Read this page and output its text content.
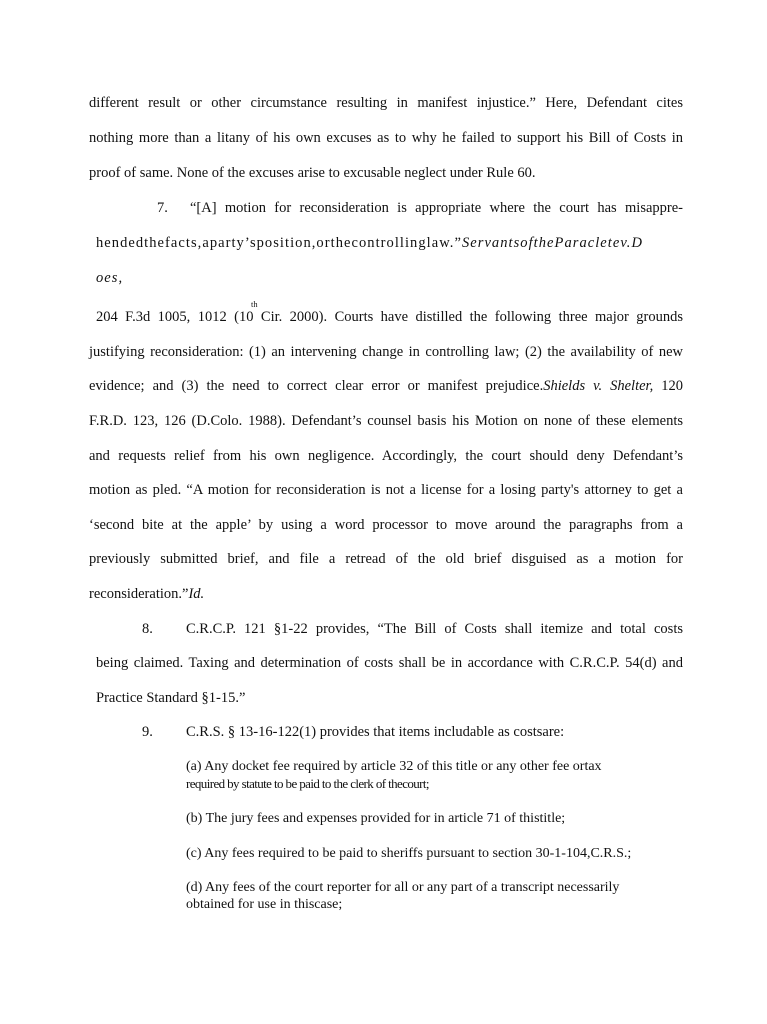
different result or other circumstance resulting in manifest injustice.” Here, Defendant cites
nothing more than a litany of his own excuses as to why he failed to support his Bill of Costs in
proof of same. None of the excuses arise to excusable neglect under Rule 60.
7. “[A] motion for reconsideration is appropriate where the court has misappre-
hendedthefacts,aparty’sposition,orthecontrollinglaw.”ServantsoftheParacletev.D
oes,
th
204 F.3d 1005, 1012 (10 Cir. 2000). Courts have distilled the following three major grounds
justifying reconsideration: (1) an intervening change in controlling law; (2) the availability of new
evidence; and (3) the need to correct clear error or manifest prejudice.Shields v. Shelter, 120
F.R.D. 123, 126 (D.Colo. 1988). Defendant’s counsel basis his Motion on none of these elements
and requests relief from his own negligence. Accordingly, the court should deny Defendant’s
motion as pled. “A motion for reconsideration is not a license for a losing party's attorney to get a
‘second bite at the apple’ by using a word processor to move around the paragraphs from a
previously submitted brief, and file a retread of the old brief disguised as a motion for
reconsideration.”Id.
8. C.R.C.P. 121 §1-22 provides, “The Bill of Costs shall itemize and total costs
being claimed. Taxing and determination of costs shall be in accordance with C.R.C.P. 54(d) and
Practice Standard §1-15.”
9. C.R.S. § 13-16-122(1) provides that items includable as costsare:
(a) Any docket fee required by article 32 of this title or any other fee ortax
required by statute to be paid to the clerk of thecourt;
(b) The jury fees and expenses provided for in article 71 of thistitle;
(c) Any fees required to be paid to sheriffs pursuant to section 30-1-104,C.R.S.;
(d) Any fees of the court reporter for all or any part of a transcript necessarily
obtained for use in thiscase;
